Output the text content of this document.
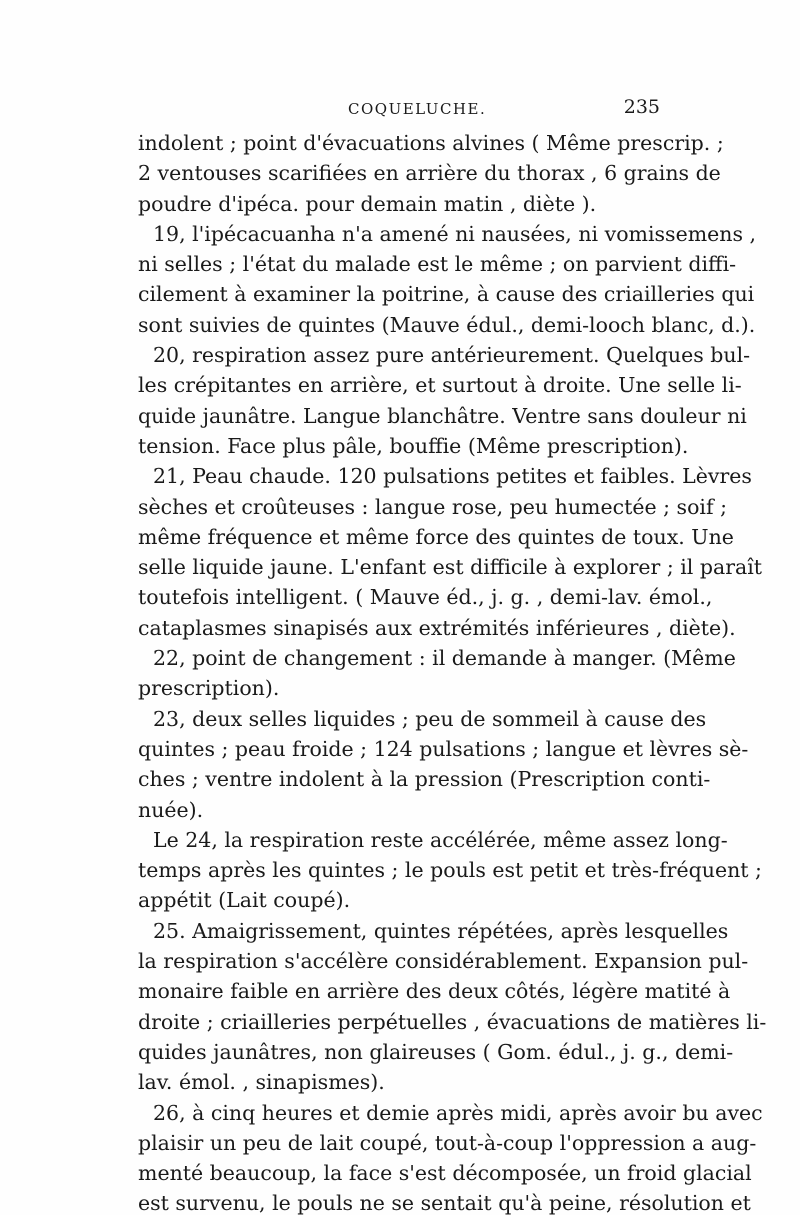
COQUELUCHE.	235
indolent ; point d'évacuations alvines ( Même prescrip. ;
2 ventouses scarifiées en arrière du thorax , 6 grains de
poudre d'ipéca. pour demain matin , diète ).
19, l'ipécacuanha n'a amené ni nausées, ni vomissemens ,
ni selles ; l'état du malade est le même ; on parvient diffi-
cilement à examiner la poitrine, à cause des criailleries qui
sont suivies de quintes (Mauve édul., demi-looch blanc, d.).
20, respiration assez pure antérieurement. Quelques bul-
les crépitantes en arrière, et surtout à droite. Une selle li-
quide jaunâtre. Langue blanchâtre. Ventre sans douleur ni
tension. Face plus pâle, bouffie (Même prescription).
21, Peau chaude. 120 pulsations petites et faibles. Lèvres
sèches et croûteuses : langue rose, peu humectée ; soif ;
même fréquence et même force des quintes de toux. Une
selle liquide jaune. L'enfant est difficile à explorer ; il paraît
toutefois intelligent. ( Mauve éd., j. g. , demi-lav. émol.,
cataplasmes sinapisés aux extrémités inférieures , diète).
22, point de changement : il demande à manger. (Même
prescription).
23, deux selles liquides ; peu de sommeil à cause des
quintes ; peau froide ; 124 pulsations ; langue et lèvres sè-
ches ; ventre indolent à la pression (Prescription conti-
nuée).
Le 24, la respiration reste accélérée, même assez long-
temps après les quintes ; le pouls est petit et très-fréquent ;
appétit (Lait coupé).
25. Amaigrissement, quintes répétées, après lesquelles
la respiration s'accélère considérablement. Expansion pul-
monaire faible en arrière des deux côtés, légère matité à
droite ; criailleries perpétuelles , évacuations de matières li-
quides jaunâtres, non glaireuses ( Gom. édul., j. g., demi-
lav. émol. , sinapismes).
26, à cinq heures et demie après midi, après avoir bu avec
plaisir un peu de lait coupé, tout-à-coup l'oppression a aug-
menté beaucoup, la face s'est décomposée, un froid glacial
est survenu, le pouls ne se sentait qu'à peine, résolution et
